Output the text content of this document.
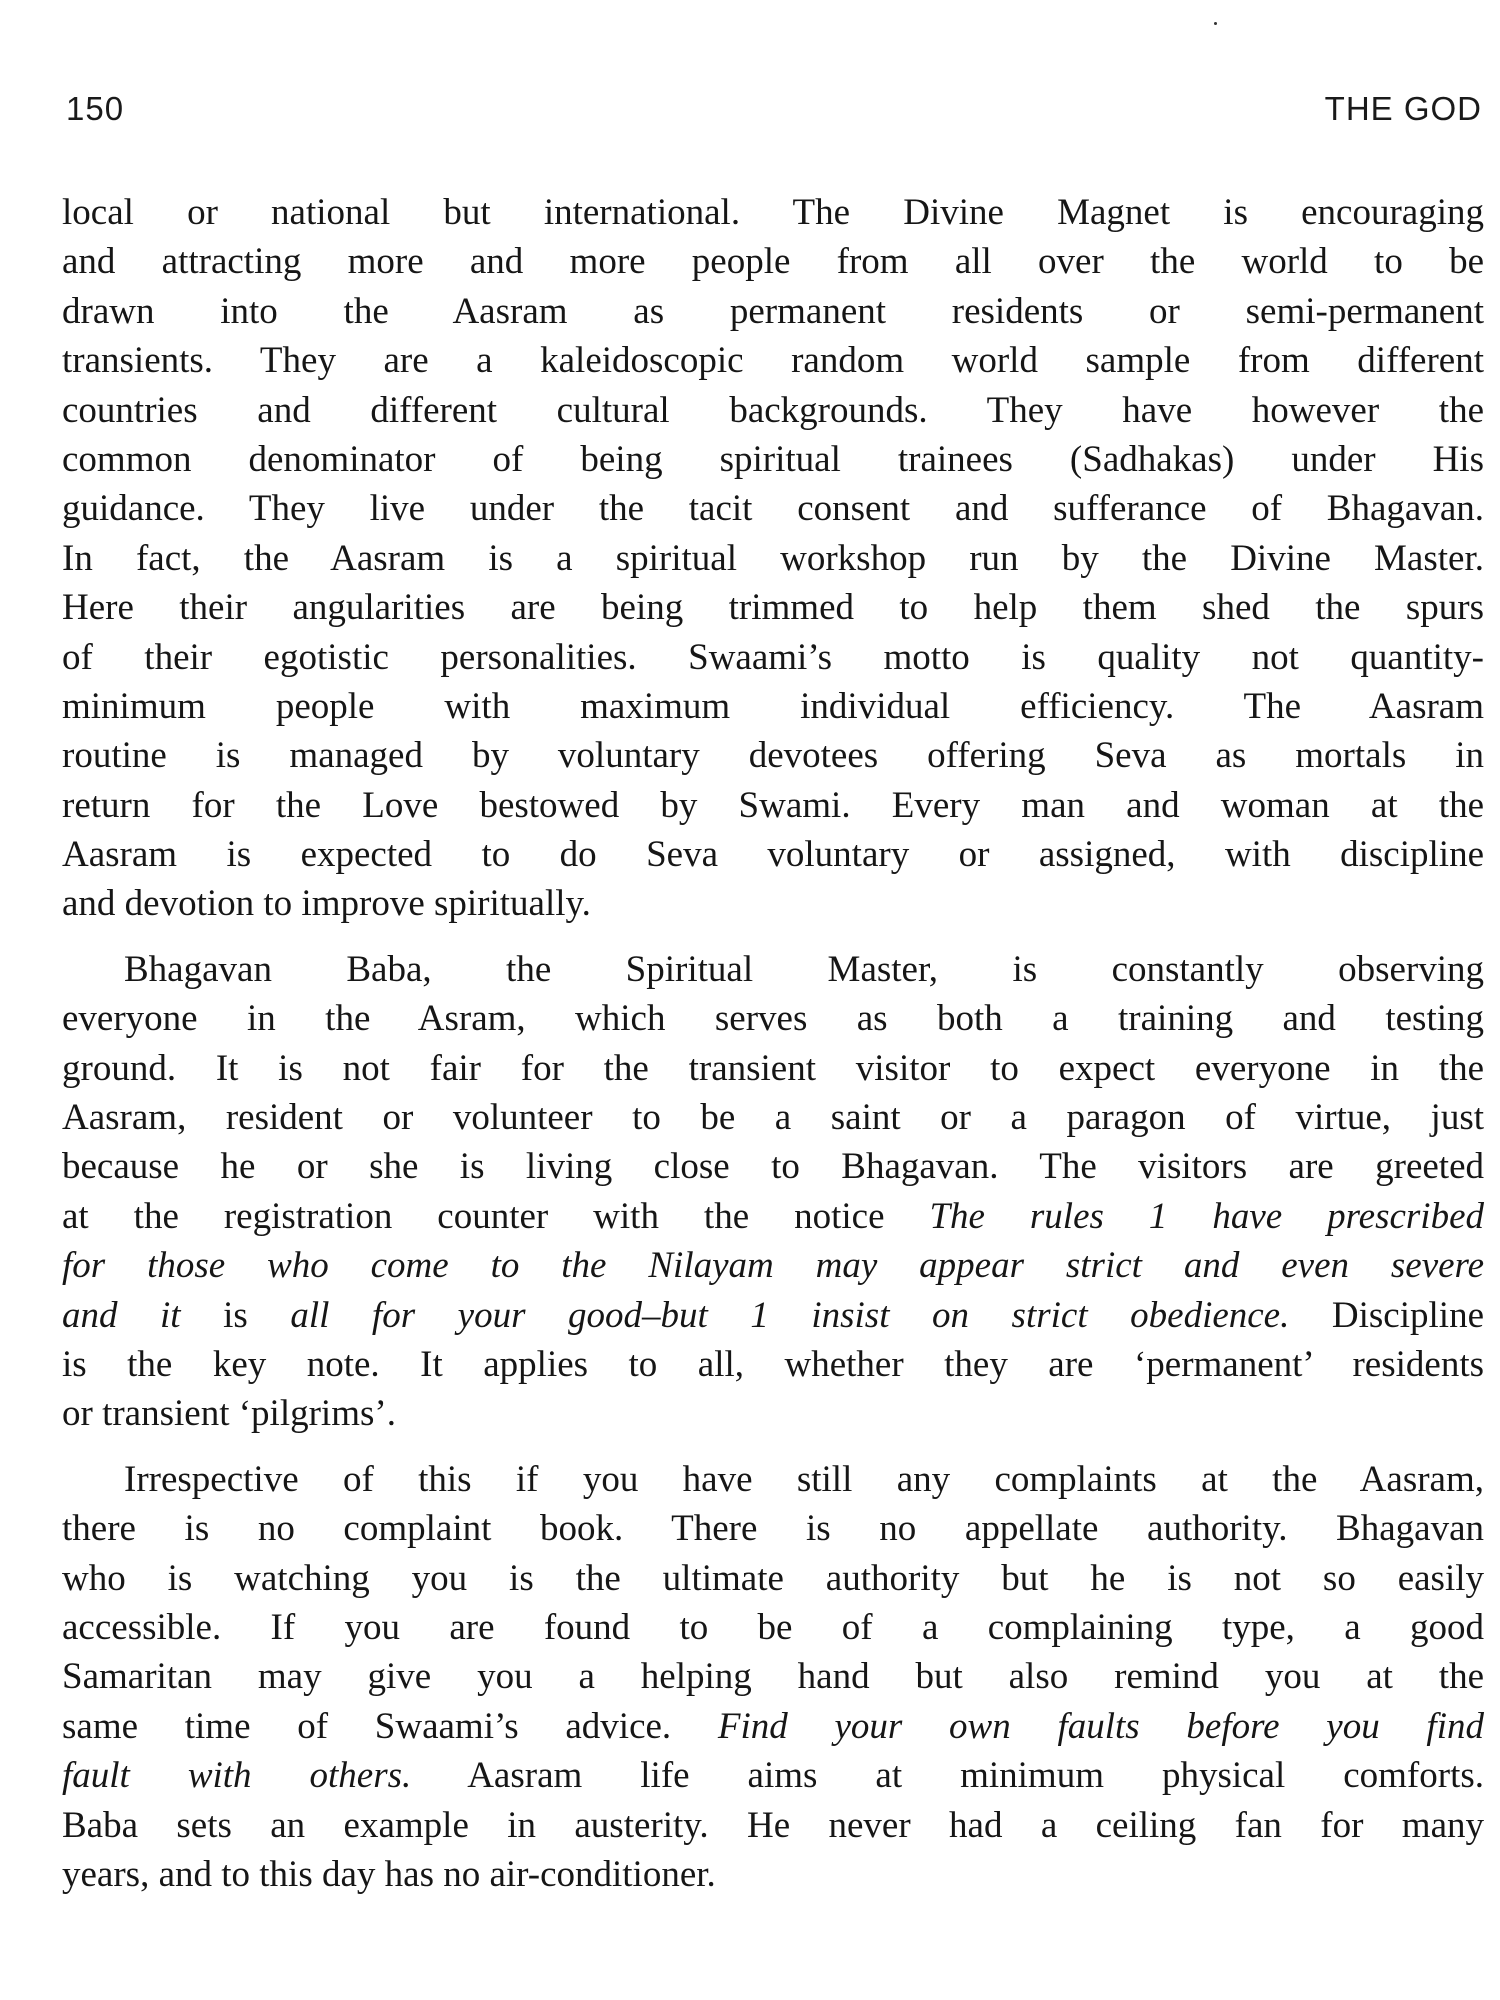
150	THE GOD
local or national but international. The Divine Magnet is encouraging
and attracting more and more people from all over the world to be
drawn into the Aasram as permanent residents or semi-permanent
transients. They are a kaleidoscopic random world sample from different
countries and different cultural backgrounds. They have however the
common denominator of being spiritual trainees (Sadhakas) under His
guidance. They live under the tacit consent and sufferance of Bhagavan.
In fact, the Aasram is a spiritual workshop run by the Divine Master.
Here their angularities are being trimmed to help them shed the spurs
of their egotistic personalities. Swaami’s motto is quality not quantity-
minimum people with maximum individual efficiency. The Aasram
routine is managed by voluntary devotees offering Seva as mortals in
return for the Love bestowed by Swami. Every man and woman at the
Aasram is expected to do Seva voluntary or assigned, with discipline
and devotion to improve spiritually.
Bhagavan Baba, the Spiritual Master, is constantly observing
everyone in the Asram, which serves as both a training and testing
ground. It is not fair for the transient visitor to expect everyone in the
Aasram, resident or volunteer to be a saint or a paragon of virtue, just
because he or she is living close to Bhagavan. The visitors are greeted
at the registration counter with the notice The rules 1 have prescribed
for those who come to the Nilayam may appear strict and even severe
and it is all for your good–but 1 insist on strict obedience. Discipline
is the key note. It applies to all, whether they are ‘permanent’ residents
or transient ‘pilgrims’.
Irrespective of this if you have still any complaints at the Aasram,
there is no complaint book. There is no appellate authority. Bhagavan
who is watching you is the ultimate authority but he is not so easily
accessible. If you are found to be of a complaining type, a good
Samaritan may give you a helping hand but also remind you at the
same time of Swaami’s advice. Find your own faults before you find
fault with others. Aasram life aims at minimum physical comforts.
Baba sets an example in austerity. He never had a ceiling fan for many
years, and to this day has no air-conditioner.
